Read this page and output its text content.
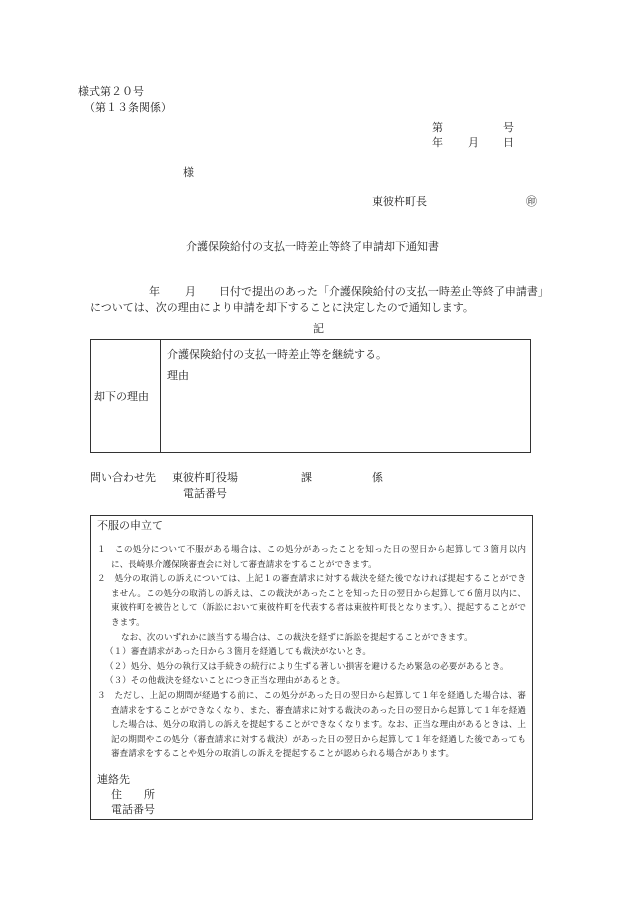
様式第２０号
（第１３条関係）
第	号
年 月 日
様
東彼杵町長	㊞
介護保険給付の支払一時差止等終了申請却下通知書
年 月 日付で提出のあった「介護保険給付の支払一時差止等終了申請書」
については、次の理由により申請を却下することに決定したので通知します。
記
却下の理由
介護保険給付の支払一時差止等を継続する。
理由
問い合わせ先 東彼杵町役場	課	係
電話番号
不服の申立て

１　この処分について不服がある場合は、この処分があったことを知った日の翌日から起算して３箇月以内に、長崎県介護保険審査会に対して審査請求をすることができます。

２　処分の取消しの訴えについては、上記１の審査請求に対する裁決を経た後でなければ提起することができません。この処分の取消しの訴えは、この裁決があったことを知った日の翌日から起算して６箇月以内に、東彼杵町を被告として（訴訟において東彼杵町を代表する者は東彼杵町長となります。）、提起することができます。

なお、次のいずれかに該当する場合は、この裁決を経ずに訴訟を提起することができます。

（１）審査請求があった日から３箇月を経過しても裁決がないとき。

（２）処分、処分の執行又は手続きの続行により生ずる著しい損害を避けるため緊急の必要があるとき。

（３）その他裁決を経ないことにつき正当な理由があるとき。

３　ただし、上記の期間が経過する前に、この処分があった日の翌日から起算して１年を経過した場合は、審査請求をすることができなくなり、また、審査請求に対する裁決のあった日の翌日から起算して１年を経過した場合は、処分の取消しの訴えを提起することができなくなります。なお、正当な理由があるときは、上記の期間やこの処分（審査請求に対する裁決）があった日の翌日から起算して１年を経過した後であっても審査請求をすることや処分の取消しの訴えを提起することが認められる場合があります。

連絡先
住　　所
電話番号
